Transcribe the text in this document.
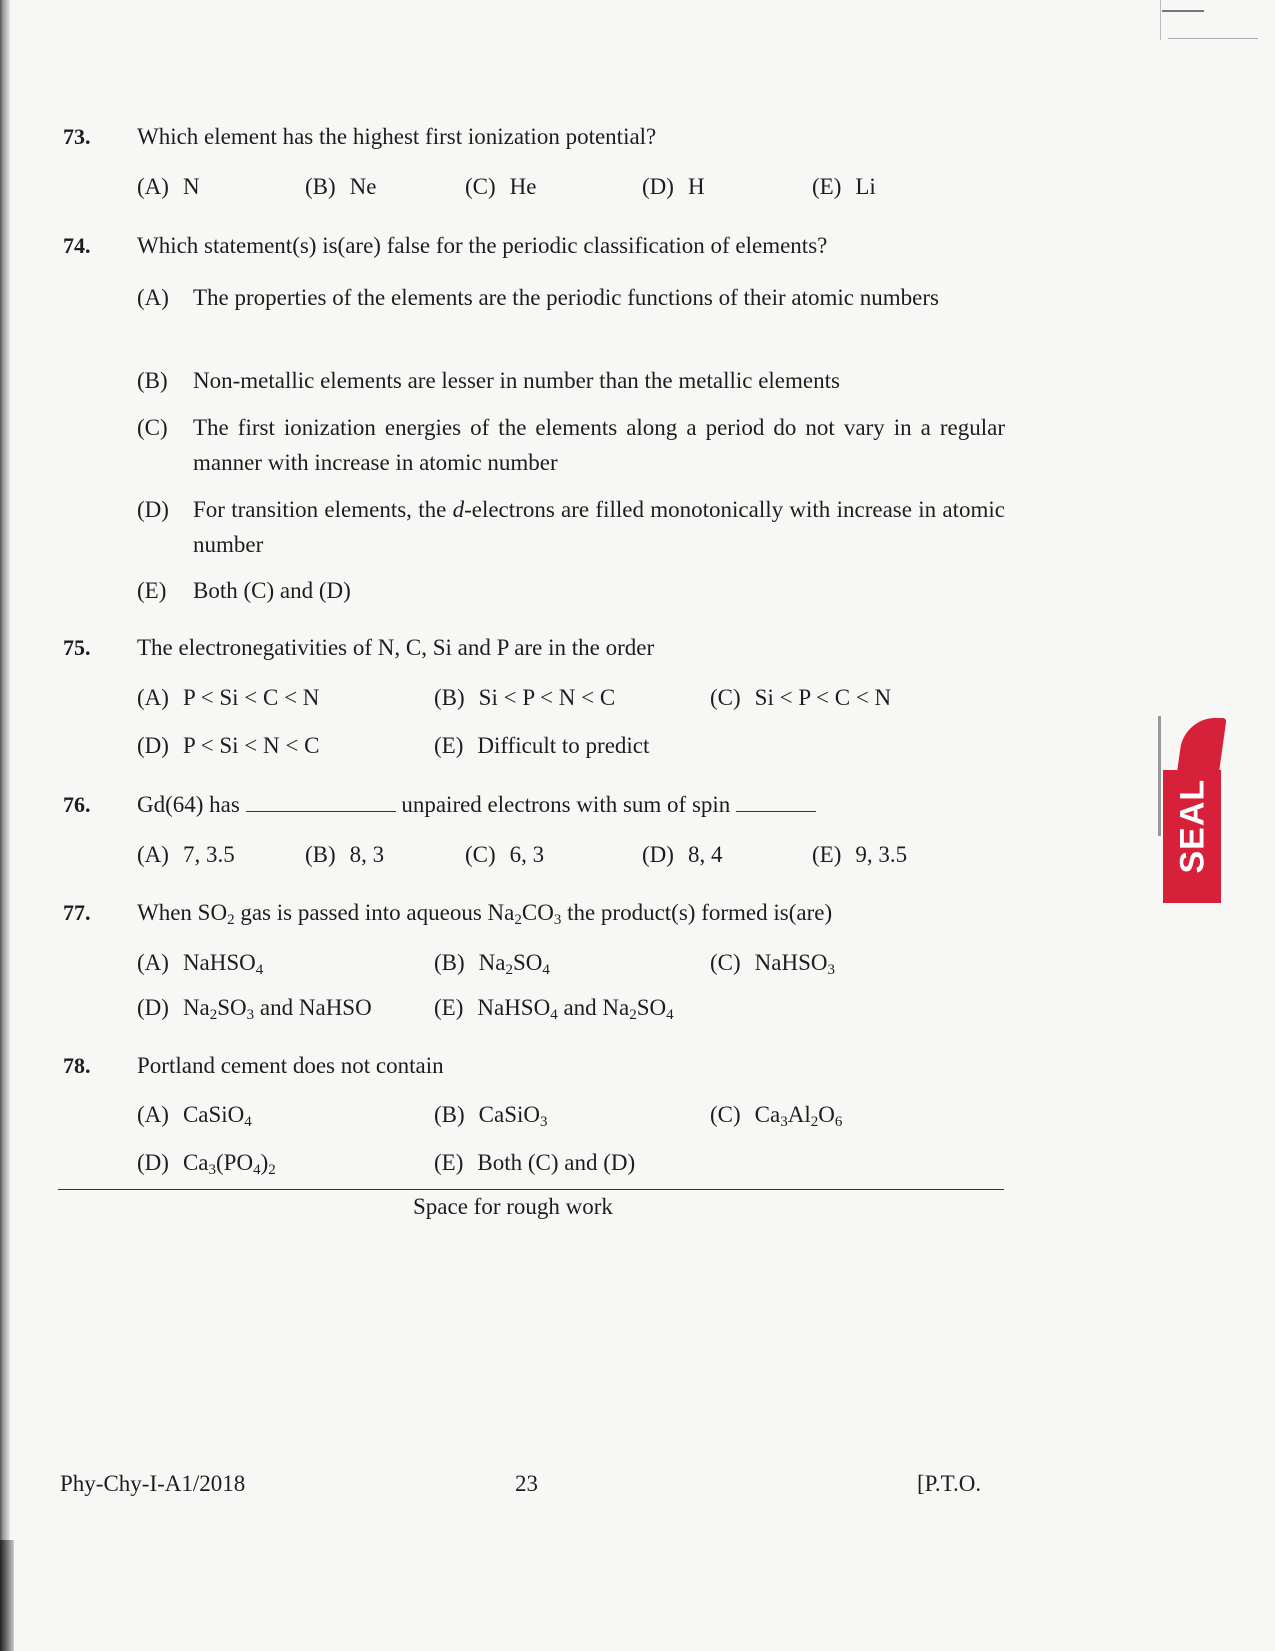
73. Which element has the highest first ionization potential?
(A) N	(B) Ne	(C) He	(D) H	(E) Li
74. Which statement(s) is(are) false for the periodic classification of elements?
(A) The properties of the elements are the periodic functions of their atomic numbers
(B) Non-metallic elements are lesser in number than the metallic elements
(C) The first ionization energies of the elements along a period do not vary in a regular manner with increase in atomic number
(D) For transition elements, the d-electrons are filled monotonically with increase in atomic number
(E) Both (C) and (D)
75. The electronegativities of N, C, Si and P are in the order
(A) P < Si < C < N	(B) Si < P < N < C	(C) Si < P < C < N
(D) P < Si < N < C	(E) Difficult to predict
76. Gd(64) has	unpaired electrons with sum of spin
(A) 7, 3.5	(B) 8, 3	(C) 6, 3	(D) 8, 4	(E) 9, 3.5
77. When $SO_2$ gas is passed into aqueous $Na_2CO_3$ the product(s) formed is(are)
(A) NaHSO$_4$	(B) $Na_2SO_4$	(C) NaHSO$_3$
(D) $Na_2SO_3$ and NaHSO	(E) NaHSO$_4$ and $Na_2SO_4$
78. Portland cement does not contain
(A) CaSiO$_4$	(B) CaSiO$_3$	(C) $Ca_3Al_2O_6$
(D) $Ca_3(PO_4)_2$	(E) Both (C) and (D)
Space for rough work
Phy-Chy-I-A1/2018	23	[P.T.O.
SEAL
